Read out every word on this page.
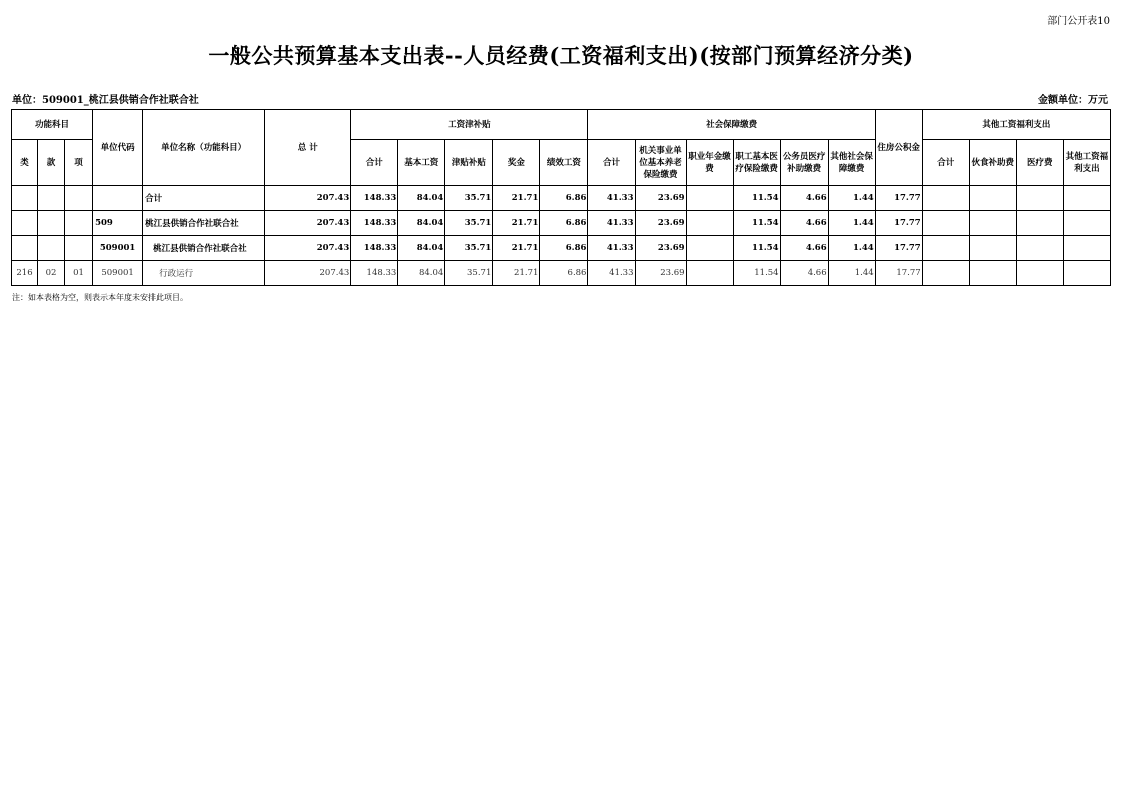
部门公开表10
一般公共预算基本支出表--人员经费(工资福利支出)(按部门预算经济分类)
单位：509001_桃江县供销合作社联合社	金额单位：万元
功能科目			单位代码	单位名称（功能科目）	总 计	工资津补贴					社会保障缴费						住房公积金	其他工资福利支出			
类	款	项				合计	基本工资	津贴补贴	奖金	绩效工资	合计	机关事业单位基本养老保险缴费	职业年金缴费	职工基本医疗保险缴费	公务员医疗补助缴费	其他社会保障缴费		合计	伙食补助费	医疗费	其他工资福利支出
				合计	207.43	148.33	84.04	35.71	21.71	6.86	41.33	23.69		11.54	4.66	1.44	17.77				
			509	桃江县供销合作社联合社	207.43	148.33	84.04	35.71	21.71	6.86	41.33	23.69		11.54	4.66	1.44	17.77				
			509001	桃江县供销合作社联合社	207.43	148.33	84.04	35.71	21.71	6.86	41.33	23.69		11.54	4.66	1.44	17.77				
216	02	01	509001	行政运行	207.43	148.33	84.04	35.71	21.71	6.86	41.33	23.69		11.54	4.66	1.44	17.77				
注：如本表格为空，则表示本年度未安排此项目。
